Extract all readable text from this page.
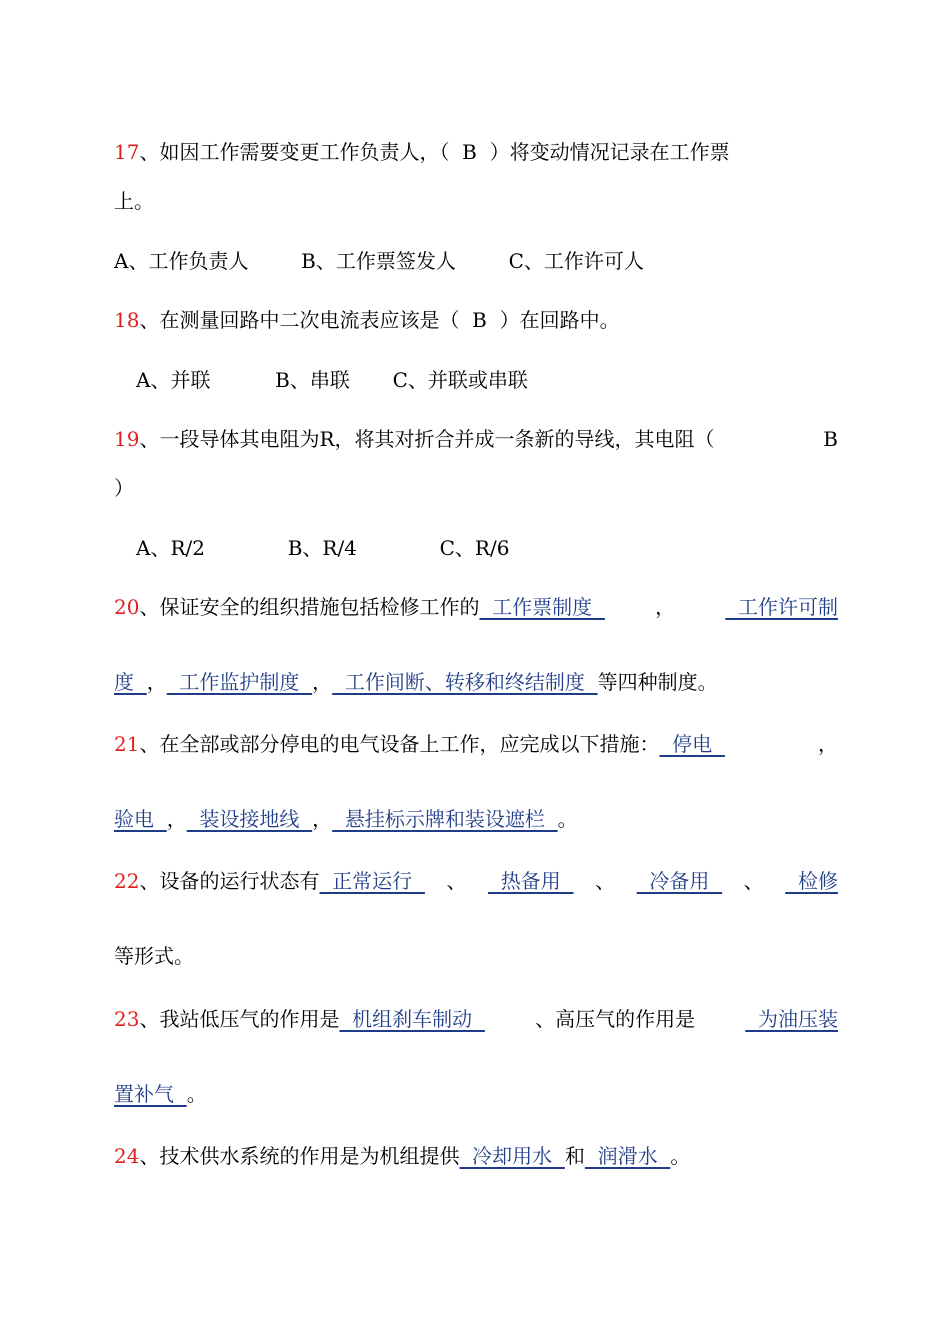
17、如因工作需要变更工作负责人，（  B  ）将变动情况记录在工作票
上。
A、工作负责人	B、工作票签发人	C、工作许可人
18、在测量回路中二次电流表应该是（  B  ）在回路中。
A、并联	B、串联 C、并联或串联
19、一段导体其电阻为R，将其对折合并成一条新的导线，其电阻（	B
）
A、R/2	B、R/4	C、R/6
20、保证安全的组织措施包括检修工作的  工作票制度	，	工作许可制
度  ，  工作监护制度  ，  工作间断、转移和终结制度  等四种制度。
21、在全部或部分停电的电气设备上工作，应完成以下措施：  停电	，
验电  ，  装设接地线  ，  悬挂标示牌和装设遮栏  。
22、设备的运行状态有  正常运行 、 热备用 、 冷备用 、 检修
等形式。
23、我站低压气的作用是  机组刹车制动	、高压气的作用是	为油压装
置补气  。
24、技术供水系统的作用是为机组提供  冷却用水  和  润滑水  。
